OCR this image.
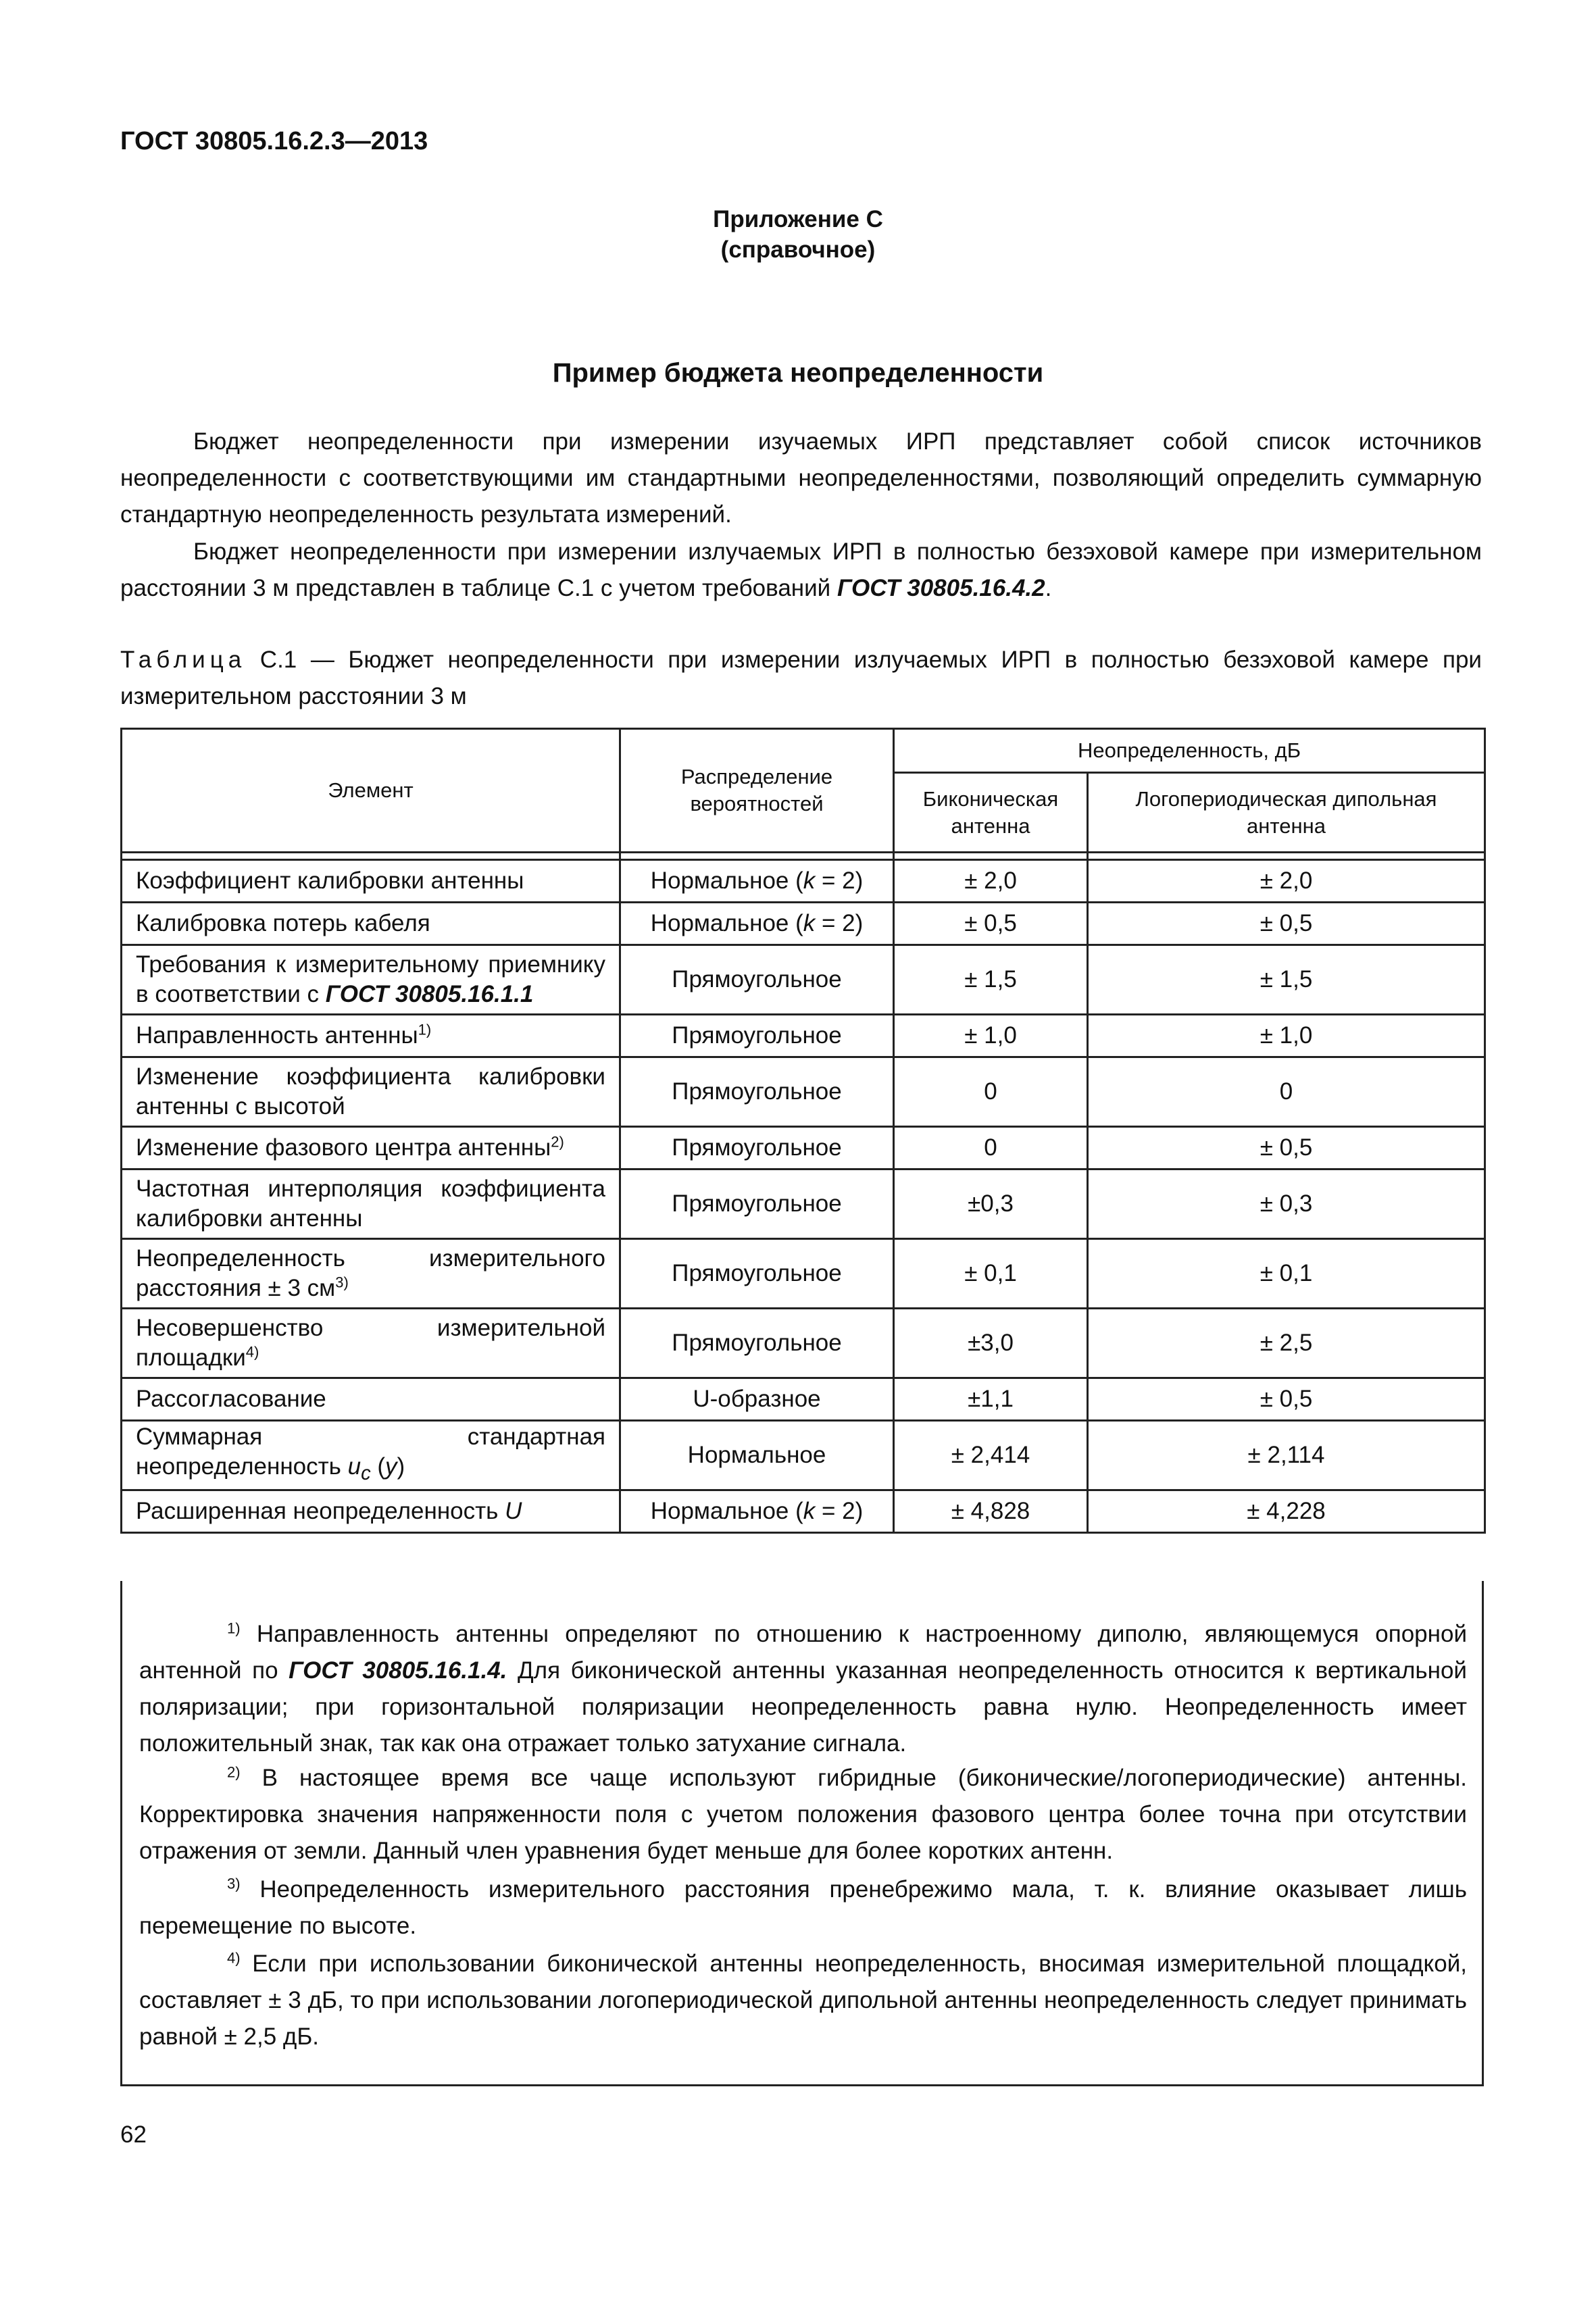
ГОСТ 30805.16.2.3—2013
Приложение С
(справочное)
Пример бюджета неопределенности

Бюджет неопределенности при измерении изучаемых ИРП представляет собой список источников неопределенности с соответствующими им стандартными неопределенностями, позволяющий определить суммарную стандартную неопределенность результата измерений.

Бюджет неопределенности при измерении излучаемых ИРП в полностью безэховой камере при измерительном расстоянии 3 м представлен в таблице С.1 с учетом требований ГОСТ 30805.16.4.2.

Таблица С.1 — Бюджет неопределенности при измерении излучаемых ИРП в полностью безэховой камере при измерительном расстоянии 3 м

Элемент	Распределение вероятностей	Неопределенность, дБ	
		Биконическая антенна	Логопериодическая дипольная антенна

Коэффициент калибровки антенны	Нормальное (k = 2)	± 2,0	± 2,0
Калибровка потерь кабеля	Нормальное (k = 2)	± 0,5	± 0,5
Требования к измерительному приемнику в соответствии с ГОСТ 30805.16.1.1	Прямоугольное	± 1,5	± 1,5
Направленность антенны$^{1)}$	Прямоугольное	± 1,0	± 1,0
Изменение коэффициента калибровки антенны с высотой	Прямоугольное	0	0
Изменение фазового центра антенны$^{2)}$	Прямоугольное	0	± 0,5
Частотная интерполяция коэффициента калибровки антенны	Прямоугольное	±0,3	± 0,3
Неопределенность измерительного расстояния ± 3 $см^{3)}$	Прямоугольное	± 0,1	± 0,1
Несовершенство измерительной площадки$^{4)}$	Прямоугольное	±3,0	± 2,5
Рассогласование	U-образное	±1,1	± 0,5
Суммарная стандартная неопределенность $u_c$ (y)	Нормальное	± 2,414	± 2,114
Расширенная неопределенность U	Нормальное (k = 2)	± 4,828	± 4,228

$^{1)}$ Направленность антенны определяют по отношению к настроенному диполю, являющемуся опорной антенной по ГОСТ 30805.16.1.4. Для биконической антенны указанная неопределенность относится к вертикальной поляризации; при горизонтальной поляризации неопределенность равна нулю. Неопределенность имеет положительный знак, так как она отражает только затухание сигнала.

$^{2)}$ В настоящее время все чаще используют гибридные (биконические/логопериодические) антенны. Корректировка значения напряженности поля с учетом положения фазового центра более точна при отсутствии отражения от земли. Данный член уравнения будет меньше для более коротких антенн.

$^{3)}$ Неопределенность измерительного расстояния пренебрежимо мала, т. к. влияние оказывает лишь перемещение по высоте.

$^{4)}$ Если при использовании биконической антенны неопределенность, вносимая измерительной площадкой, составляет ± 3 дБ, то при использовании логопериодической дипольной антенны неопределенность следует принимать равной ± 2,5 дБ.

62
